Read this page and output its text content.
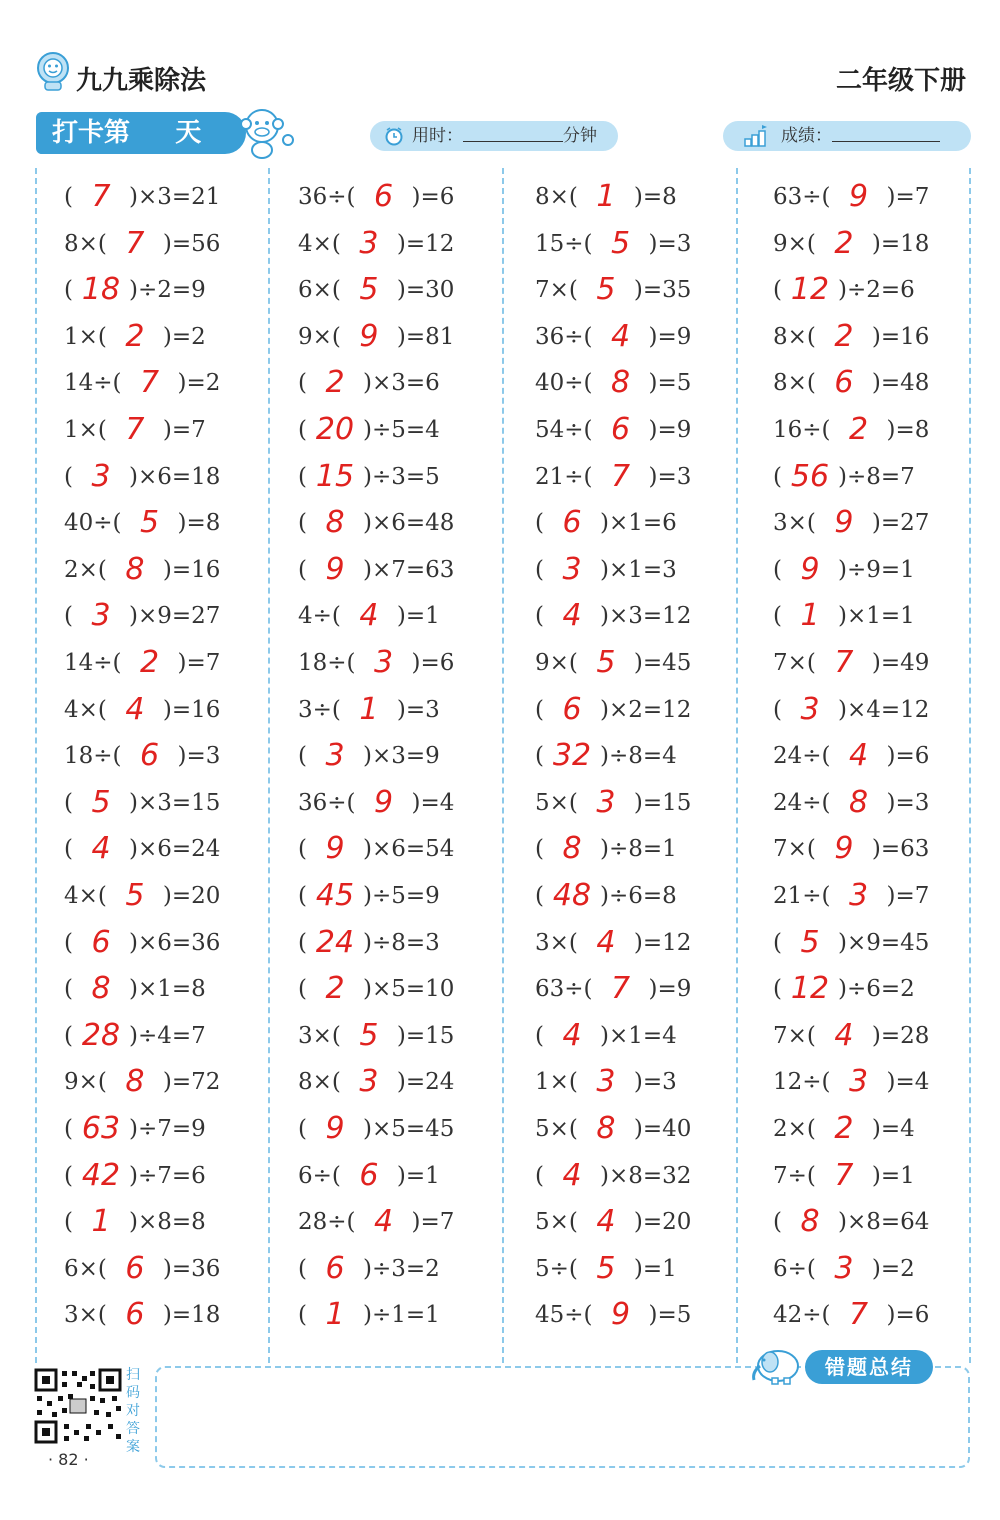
九九乘除法	二年级下册
打卡第     天	用时：	分钟	成绩：
( 7 )×3=21
8×( 7 )=56
( 18 )÷2=9
1×( 2 )=2
14÷( 7 )=2
1×( 7 )=7
( 3 )×6=18
40÷( 5 )=8
2×( 8 )=16
( 3 )×9=27
14÷( 2 )=7
4×( 4 )=16
18÷( 6 )=3
( 5 )×3=15
( 4 )×6=24
4×( 5 )=20
( 6 )×6=36
( 8 )×1=8
( 28 )÷4=7
9×( 8 )=72
( 63 )÷7=9
( 42 )÷7=6
( 1 )×8=8
6×( 6 )=36
3×( 6 )=18
36÷( 6 )=6
4×( 3 )=12
6×( 5 )=30
9×( 9 )=81
( 2 )×3=6
( 20 )÷5=4
( 15 )÷3=5
( 8 )×6=48
( 9 )×7=63
4÷( 4 )=1
18÷( 3 )=6
3÷( 1 )=3
( 3 )×3=9
36÷( 9 )=4
( 9 )×6=54
( 45 )÷5=9
( 24 )÷8=3
( 2 )×5=10
3×( 5 )=15
8×( 3 )=24
( 9 )×5=45
6÷( 6 )=1
28÷( 4 )=7
( 6 )÷3=2
( 1 )÷1=1
8×( 1 )=8
15÷( 5 )=3
7×( 5 )=35
36÷( 4 )=9
40÷( 8 )=5
54÷( 6 )=9
21÷( 7 )=3
( 6 )×1=6
( 3 )×1=3
( 4 )×3=12
9×( 5 )=45
( 6 )×2=12
( 32 )÷8=4
5×( 3 )=15
( 8 )÷8=1
( 48 )÷6=8
3×( 4 )=12
63÷( 7 )=9
( 4 )×1=4
1×( 3 )=3
5×( 8 )=40
( 4 )×8=32
5×( 4 )=20
5÷( 5 )=1
45÷( 9 )=5
63÷( 9 )=7
9×( 2 )=18
( 12 )÷2=6
8×( 2 )=16
8×( 6 )=48
16÷( 2 )=8
( 56 )÷8=7
3×( 9 )=27
( 9 )÷9=1
( 1 )×1=1
7×( 7 )=49
( 3 )×4=12
24÷( 4 )=6
24÷( 8 )=3
7×( 9 )=63
21÷( 3 )=7
( 5 )×9=45
( 12 )÷6=2
7×( 4 )=28
12÷( 3 )=4
2×( 2 )=4
7÷( 7 )=1
( 8 )×8=64
6÷( 3 )=2
42÷( 7 )=6
错题总结
扫码对答案
· 82 ·
